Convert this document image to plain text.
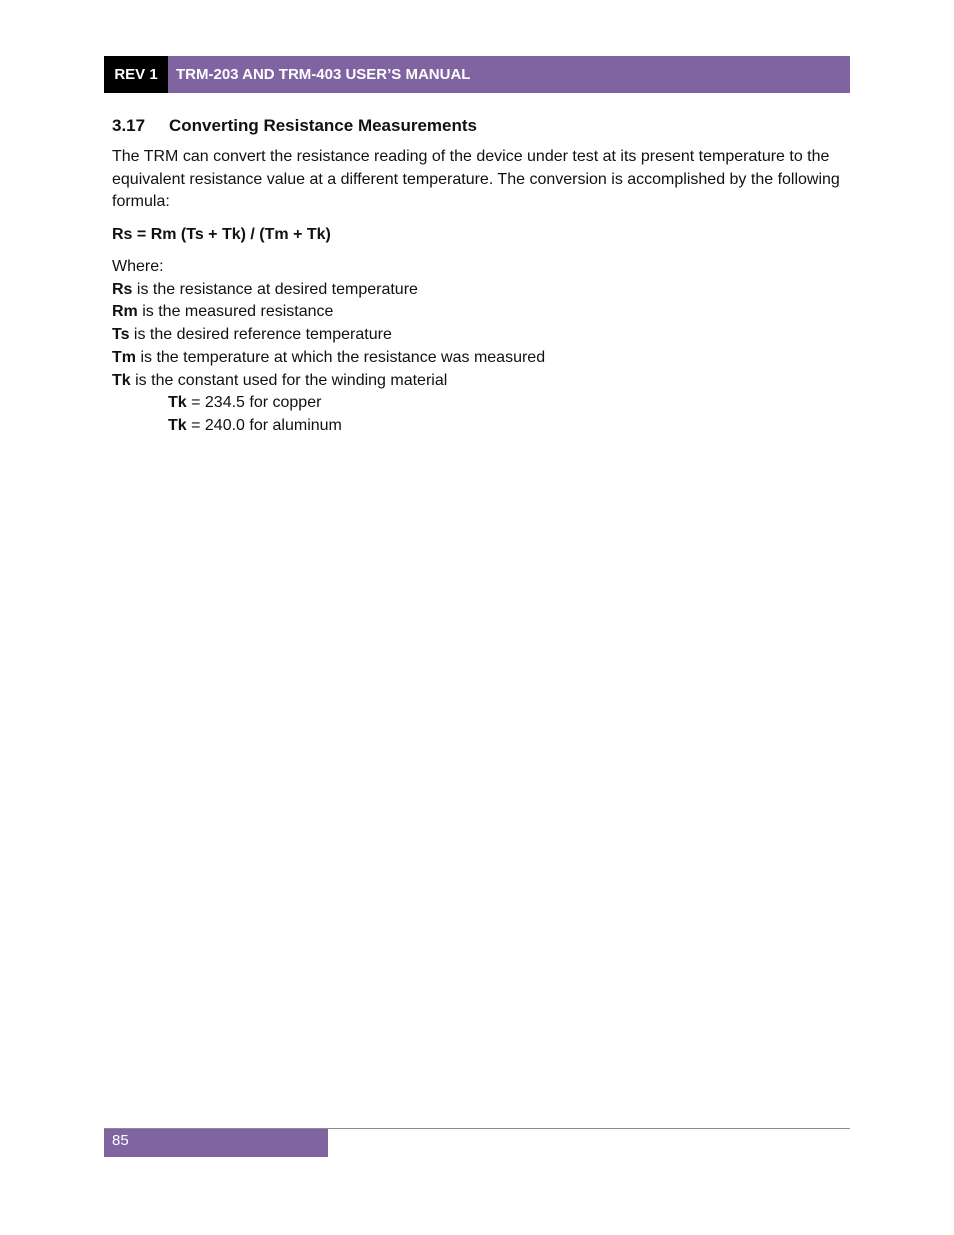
REV 1	TRM-203 AND TRM-403 USER’S MANUAL
3.17 Converting Resistance Measurements
The TRM can convert the resistance reading of the device under test at its present temperature to the equivalent resistance value at a different temperature. The conversion is accomplished by the following formula:
Rs = Rm (Ts + Tk) / (Tm + Tk)
Where:
Rs is the resistance at desired temperature
Rm is the measured resistance
Ts is the desired reference temperature
Tm is the temperature at which the resistance was measured
Tk is the constant used for the winding material
Tk = 234.5 for copper
Tk = 240.0 for aluminum
85
